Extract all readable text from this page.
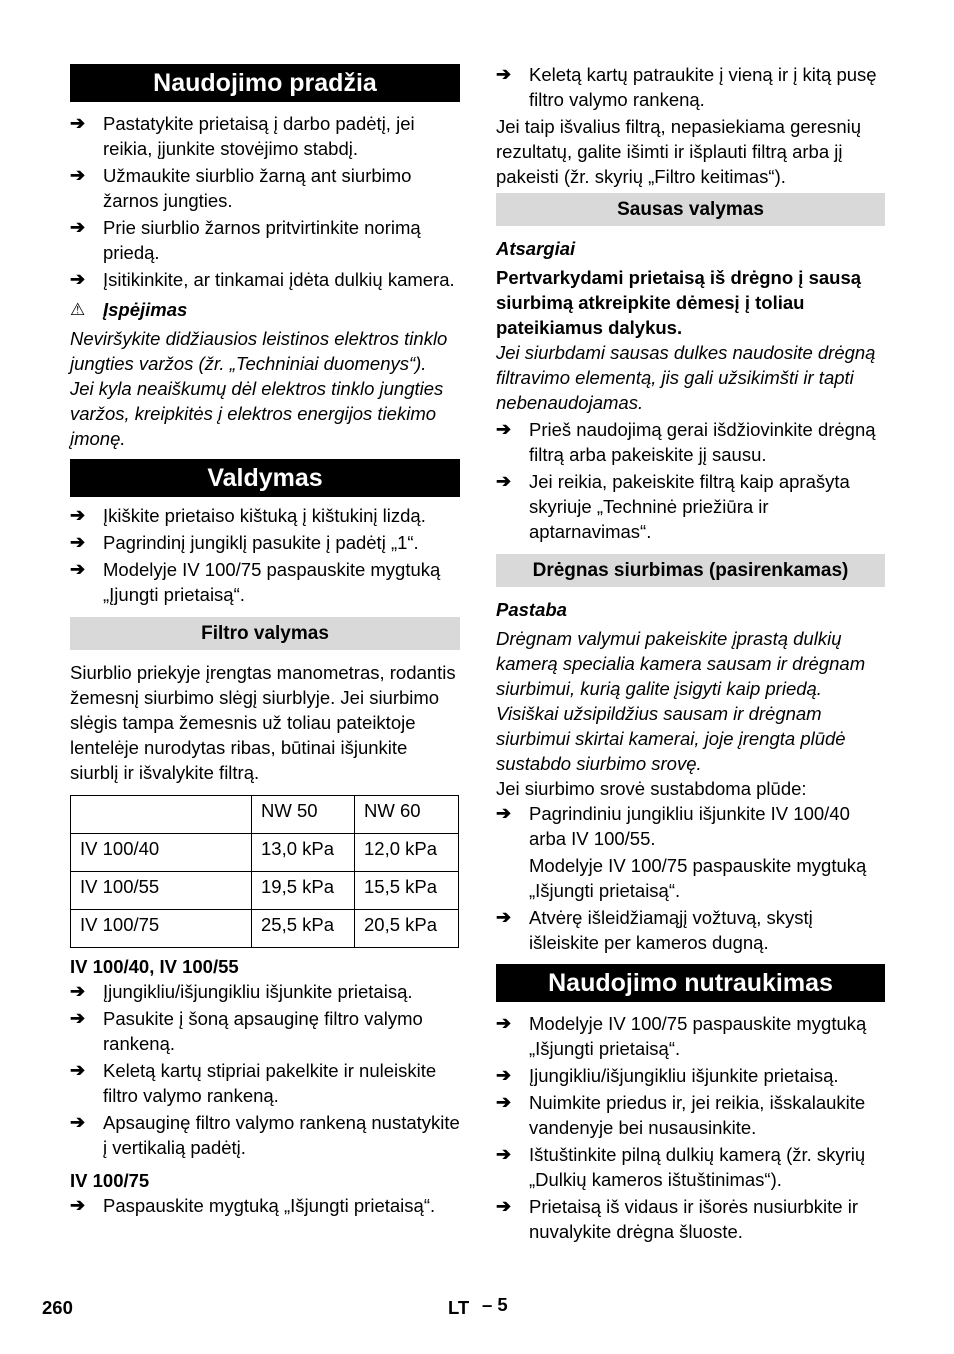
Naudojimo pradžia
➔ Pastatykite prietaisą į darbo padėtį, jei reikia, įjunkite stovėjimo stabdį.
➔ Užmaukite siurblio žarną ant siurbimo žarnos jungties.
➔ Prie siurblio žarnos pritvirtinkite norimą priedą.
➔ Įsitikinkite, ar tinkamai įdėta dulkių kamera.
⚠ Įspėjimas

Neviršykite didžiausios leistinos elektros tinklo jungties varžos (žr. „Techniniai duomenys“).

Jei kyla neaiškumų dėl elektros tinklo jungties varžos, kreipkitės į elektros energijos tiekimo įmonę.

Valdymas
➔ Įkiškite prietaiso kištuką į kištukinį lizdą.
➔ Pagrindinį jungiklį pasukite į padėtį „1“.
➔ Modelyje IV 100/75 paspauskite mygtuką „Įjungti prietaisą“.
Filtro valymas

Siurblio priekyje įrengtas manometras, rodantis žemesnį siurbimo slėgį siurblyje. Jei siurbimo slėgis tampa žemesnis už toliau pateiktoje lentelėje nurodytas ribas, būtinai išjunkite siurblį ir išvalykite filtrą.

	NW 50	NW 60
IV 100/40	13,0 kPa	12,0 kPa
IV 100/55	19,5 kPa	15,5 kPa
IV 100/75	25,5 kPa	20,5 kPa

IV 100/40, IV 100/55

➔ Įjungikliu/išjungikliu išjunkite prietaisą.
➔ Pasukite į šoną apsauginę filtro valymo rankeną.
➔ Keletą kartų stipriai pakelkite ir nuleiskite filtro valymo rankeną.
➔ Apsauginę filtro valymo rankeną nustatykite į vertikalią padėtį.

IV 100/75

➔ Paspauskite mygtuką „Išjungti prietaisą“.
➔ Keletą kartų patraukite į vieną ir į kitą pusę filtro valymo rankeną.

Jei taip išvalius filtrą, nepasiekiama geresnių rezultatų, galite išimti ir išplauti filtrą arba jį pakeisti (žr. skyrių „Filtro keitimas“).

Sausas valymas

Atsargiai

Pertvarkydami prietaisą iš drėgno į sausą siurbimą atkreipkite dėmesį į toliau pateikiamus dalykus.

Jei siurbdami sausas dulkes naudosite drėgną filtravimo elementą, jis gali užsikimšti ir tapti nebenaudojamas.

➔ Prieš naudojimą gerai išdžiovinkite drėgną filtrą arba pakeiskite jį sausu.
➔ Jei reikia, pakeiskite filtrą kaip aprašyta skyriuje „Techninė priežiūra ir aptarnavimas“.
Drėgnas siurbimas (pasirenkamas)

Pastaba

Drėgnam valymui pakeiskite įprastą dulkių kamerą specialia kamera sausam ir drėgnam siurbimui, kurią galite įsigyti kaip priedą.

Visiškai užsipildžius sausam ir drėgnam siurbimui skirtai kamerai, joje įrengta plūdė sustabdo siurbimo srovę.

Jei siurbimo srovė sustabdoma plūde:

➔ Pagrindiniu jungikliu išjunkite IV 100/40 arba IV 100/55.

Modelyje IV 100/75 paspauskite mygtuką „Išjungti prietaisą“.

➔ Atvėrę išleidžiamąjį vožtuvą, skystį išleiskite per kameros dugną.
Naudojimo nutraukimas
➔ Modelyje IV 100/75 paspauskite mygtuką „Išjungti prietaisą“.
➔ Įjungikliu/išjungikliu išjunkite prietaisą.
➔ Nuimkite priedus ir, jei reikia, išskalaukite vandenyje bei nusausinkite.
➔ Ištuštinkite pilną dulkių kamerą (žr. skyrių „Dulkių kameros ištuštinimas“).
➔ Prietaisą iš vidaus ir išorės nusiurbkite ir nuvalykite drėgna šluoste.
260	LT – 5
